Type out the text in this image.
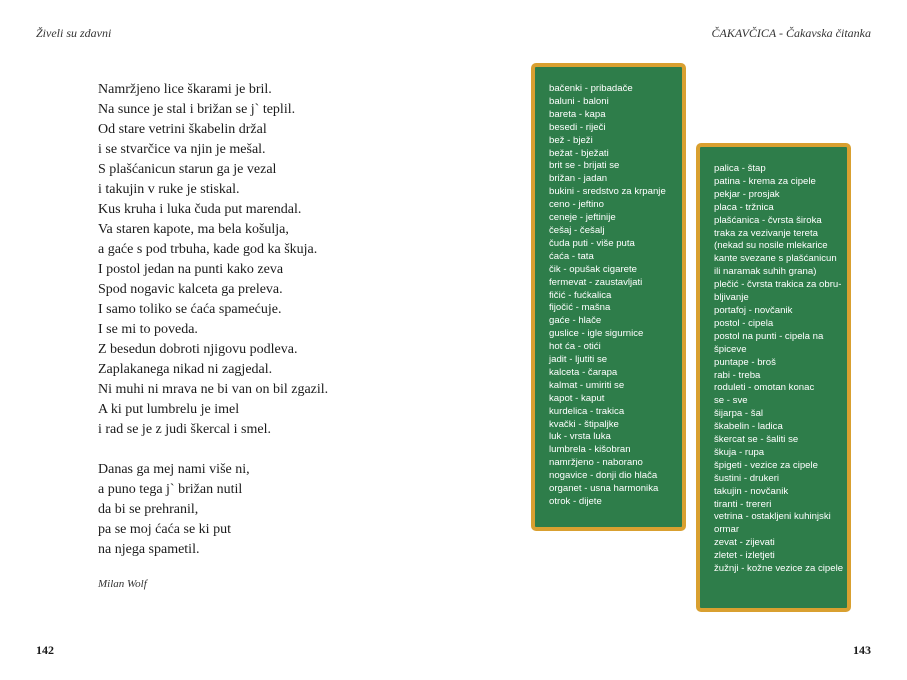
Živeli su zdavni	ČAKAVČICA - Čakavska čitanka
Namržjeno lice škarami je bril.
Na sunce je stal i brižan se j` teplil.
Od stare vetrini škabelin držal
i se stvarčice va njin je mešal.
S plašćanicun starun ga je vezal
i takujin v ruke je stiskal.
Kus kruha i luka čuda put marendal.
Va staren kapote, ma bela košulja,
a gaće s pod trbuha, kade god ka škuja.
I postol jedan na punti kako zeva
Spod nogavic kalceta ga preleva.
I samo toliko se ćaća spamećuje.
I se mi to poveda.
Z besedun dobroti njigovu podleva.
Zaplakanega nikad ni zagjedal.
Ni muhi ni mrava ne bi van on bil zgazil.
A ki put lumbrelu je imel
i rad se je z judi škercal i smel.
Danas ga mej nami više ni,
a puno tega j` brižan nutil
da bi se prehranil,
pa se moj ćaća se ki put
na njega spametil.
Milan Wolf
bačenki - pribadače
baluni - baloni
bareta - kapa
besedi - riječi
bež - bježi
bežat - bježati
brit se - brijati se
brižan - jadan
bukini - sredstvo za krpanje
ceno - jeftino
ceneje - jeftinije
češaj - češalj
čuda puti - više puta
ćaća - tata
čik - opušak cigarete
fermevat - zaustavljati
fičić - fućkalica
fijočić - mašna
gaće - hlače
guslice - igle sigurnice
hot ća - otići
jadit - ljutiti se
kalceta - čarapa
kalmat - umiriti se
kapot - kaput
kurdelica - trakica
kvački - štipaljke
luk - vrsta luka
lumbrela - kišobran
namržjeno - naborano
nogavice - donji dio hlača
organet - usna harmonika
otrok - dijete
palica - štap
patina - krema za cipele
pekjar - prosjak
placa - tržnica
plašćanica - čvrsta široka
traka za vezivanje tereta
(nekad su nosile mlekarice
kante svezane s plašćanicun
ili naramak suhih grana)
plečić - čvrsta trakica za obru-
bljivanje
portafoj - novčanik
postol - cipela
postol na punti - cipela na
špiceve
puntape - broš
rabi - treba
roduleti - omotan konac
se - sve
šijarpa - šal
škabelin - ladica
škercat se - šaliti se
škuja - rupa
špigeti - vezice za cipele
šustini - drukeri
takujin - novčanik
tiranti - trегeri
vetrina - ostakljeni kuhinjski
ormar
zevat - zijevati
zletet - izletjeti
žužnji - kožne vezice za cipele
142	143
